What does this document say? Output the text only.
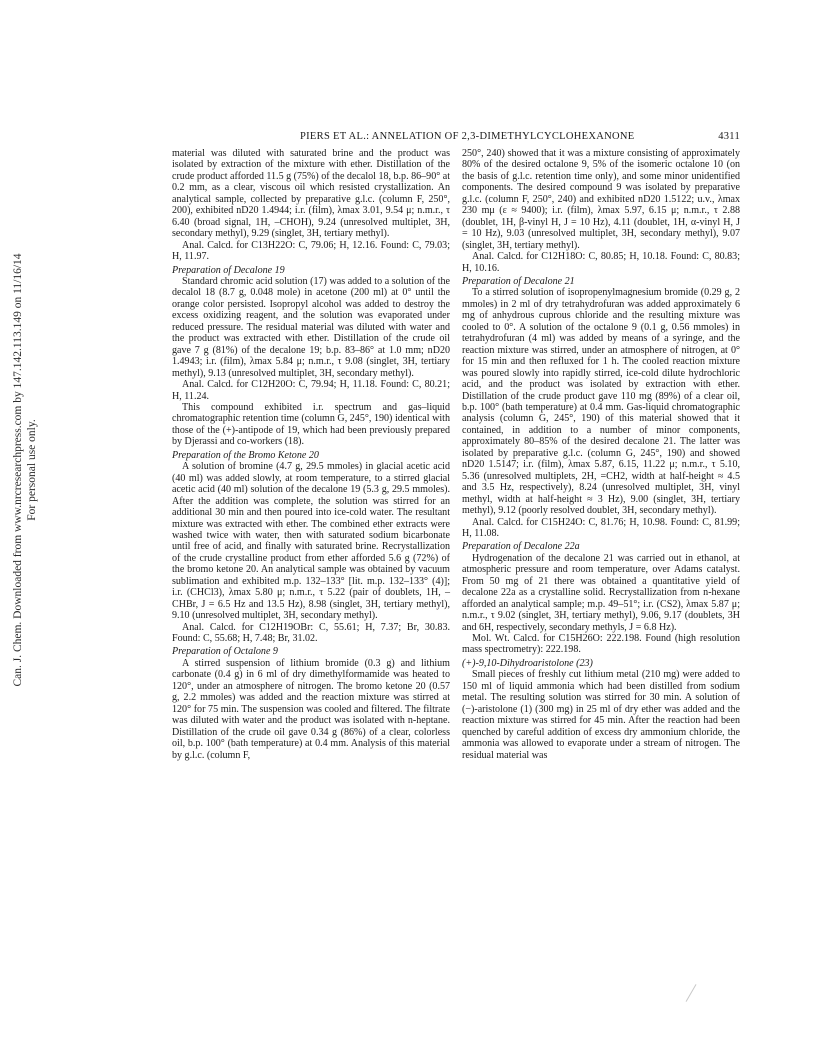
Can. J. Chem. Downloaded from www.nrcresearchpress.com by 147.142.113.149 on 11/16/14 For personal use only.
PIERS ET AL.: ANNELATION OF 2,3-DIMETHYLCYCLOHEXANONE	4311

material was diluted with saturated brine and the product was isolated by extraction of the mixture with ether. Distillation of the crude product afforded 11.5 g (75%) of the decalol 18, b.p. 86–90° at 0.2 mm, as a clear, viscous oil which resisted crystallization. An analytical sample, collected by preparative g.l.c. (column F, 250°, 200), exhibited nD20 1.4944; i.r. (film), λmax 3.01, 9.54 μ; n.m.r., τ 6.40 (broad signal, 1H, –CHOH), 9.24 (unresolved multiplet, 3H, secondary methyl), 9.29 (singlet, 3H, tertiary methyl).

Anal. Calcd. for C13H22O: C, 79.06; H, 12.16. Found: C, 79.03; H, 11.97.

Preparation of Decalone 19

Standard chromic acid solution (17) was added to a solution of the decalol 18 (8.7 g, 0.048 mole) in acetone (200 ml) at 0° until the orange color persisted. Isopropyl alcohol was added to destroy the excess oxidizing reagent, and the solution was evaporated under reduced pressure. The residual material was diluted with water and the product was extracted with ether. Distillation of the crude oil gave 7 g (81%) of the decalone 19; b.p. 83–86° at 1.0 mm; nD20 1.4943; i.r. (film), λmax 5.84 μ; n.m.r., τ 9.08 (singlet, 3H, tertiary methyl), 9.13 (unresolved multiplet, 3H, secondary methyl).

Anal. Calcd. for C12H20O: C, 79.94; H, 11.18. Found: C, 80.21; H, 11.24.

This compound exhibited i.r. spectrum and gas–liquid chromatographic retention time (column G, 245°, 190) identical with those of the (+)-antipode of 19, which had been previously prepared by Djerassi and co-workers (18).

Preparation of the Bromo Ketone 20

A solution of bromine (4.7 g, 29.5 mmoles) in glacial acetic acid (40 ml) was added slowly, at room temperature, to a stirred glacial acetic acid (40 ml) solution of the decalone 19 (5.3 g, 29.5 mmoles). After the addition was complete, the solution was stirred for an additional 30 min and then poured into ice-cold water. The resultant mixture was extracted with ether. The combined ether extracts were washed twice with water, then with saturated sodium bicarbonate until free of acid, and finally with saturated brine. Recrystallization of the crude crystalline product from ether afforded 5.6 g (72%) of the bromo ketone 20. An analytical sample was obtained by vacuum sublimation and exhibited m.p. 132–133° [lit. m.p. 132–133° (4)]; i.r. (CHCl3), λmax 5.80 μ; n.m.r., τ 5.22 (pair of doublets, 1H, –CHBr, J = 6.5 Hz and 13.5 Hz), 8.98 (singlet, 3H, tertiary methyl), 9.10 (unresolved multiplet, 3H, secondary methyl).

Anal. Calcd. for C12H19OBr: C, 55.61; H, 7.37; Br, 30.83. Found: C, 55.68; H, 7.48; Br, 31.02.

Preparation of Octalone 9

A stirred suspension of lithium bromide (0.3 g) and lithium carbonate (0.4 g) in 6 ml of dry dimethylformamide was heated to 120°, under an atmosphere of nitrogen. The bromo ketone 20 (0.57 g, 2.2 mmoles) was added and the reaction mixture was stirred at 120° for 75 min. The suspension was cooled and filtered. The filtrate was diluted with water and the product was isolated with n-heptane. Distillation of the crude oil gave 0.34 g (86%) of a clear, colorless oil, b.p. 100° (bath temperature) at 0.4 mm. Analysis of this material by g.l.c. (column F,

250°, 240) showed that it was a mixture consisting of approximately 80% of the desired octalone 9, 5% of the isomeric octalone 10 (on the basis of g.l.c. retention time only), and some minor unidentified components. The desired compound 9 was isolated by preparative g.l.c. (column F, 250°, 240) and exhibited nD20 1.5122; u.v., λmax 230 mμ (ε ≈ 9400); i.r. (film), λmax 5.97, 6.15 μ; n.m.r., τ 2.88 (doublet, 1H, β-vinyl H, J = 10 Hz), 4.11 (doublet, 1H, α-vinyl H, J = 10 Hz), 9.03 (unresolved multiplet, 3H, secondary methyl), 9.07 (singlet, 3H, tertiary methyl).

Anal. Calcd. for C12H18O: C, 80.85; H, 10.18. Found: C, 80.83; H, 10.16.

Preparation of Decalone 21

To a stirred solution of isopropenylmagnesium bromide (0.29 g, 2 mmoles) in 2 ml of dry tetrahydrofuran was added approximately 6 mg of anhydrous cuprous chloride and the resulting mixture was cooled to 0°. A solution of the octalone 9 (0.1 g, 0.56 mmoles) in tetrahydrofuran (4 ml) was added by means of a syringe, and the reaction mixture was stirred, under an atmosphere of nitrogen, at 0° for 15 min and then refluxed for 1 h. The cooled reaction mixture was poured slowly into rapidly stirred, ice-cold dilute hydrochloric acid, and the product was isolated by extraction with ether. Distillation of the crude product gave 110 mg (89%) of a clear oil, b.p. 100° (bath temperature) at 0.4 mm. Gas-liquid chromatographic analysis (column G, 245°, 190) of this material showed that it contained, in addition to a number of minor components, approximately 80–85% of the desired decalone 21. The latter was isolated by preparative g.l.c. (column G, 245°, 190) and showed nD20 1.5147; i.r. (film), λmax 5.87, 6.15, 11.22 μ; n.m.r., τ 5.10, 5.36 (unresolved multiplets, 2H, =CH2, width at half-height ≈ 4.5 and 3.5 Hz, respectively), 8.24 (unresolved multiplet, 3H, vinyl methyl, width at half-height ≈ 3 Hz), 9.00 (singlet, 3H, tertiary methyl), 9.12 (poorly resolved doublet, 3H, secondary methyl).

Anal. Calcd. for C15H24O: C, 81.76; H, 10.98. Found: C, 81.99; H, 11.08.

Preparation of Decalone 22a

Hydrogenation of the decalone 21 was carried out in ethanol, at atmospheric pressure and room temperature, over Adams catalyst. From 50 mg of 21 there was obtained a quantitative yield of decalone 22a as a crystalline solid. Recrystallization from n-hexane afforded an analytical sample; m.p. 49–51°; i.r. (CS2), λmax 5.87 μ; n.m.r., τ 9.02 (singlet, 3H, tertiary methyl), 9.06, 9.17 (doublets, 3H and 6H, respectively, secondary methyls, J = 6.8 Hz).

Mol. Wt. Calcd. for C15H26O: 222.198. Found (high resolution mass spectrometry): 222.198.

(+)-9,10-Dihydroaristolone (23)

Small pieces of freshly cut lithium metal (210 mg) were added to 150 ml of liquid ammonia which had been distilled from sodium metal. The resulting solution was stirred for 30 min. A solution of (−)-aristolone (1) (300 mg) in 25 ml of dry ether was added and the reaction mixture was stirred for 45 min. After the reaction had been quenched by careful addition of excess dry ammonium chloride, the ammonia was allowed to evaporate under a stream of nitrogen. The residual material was
